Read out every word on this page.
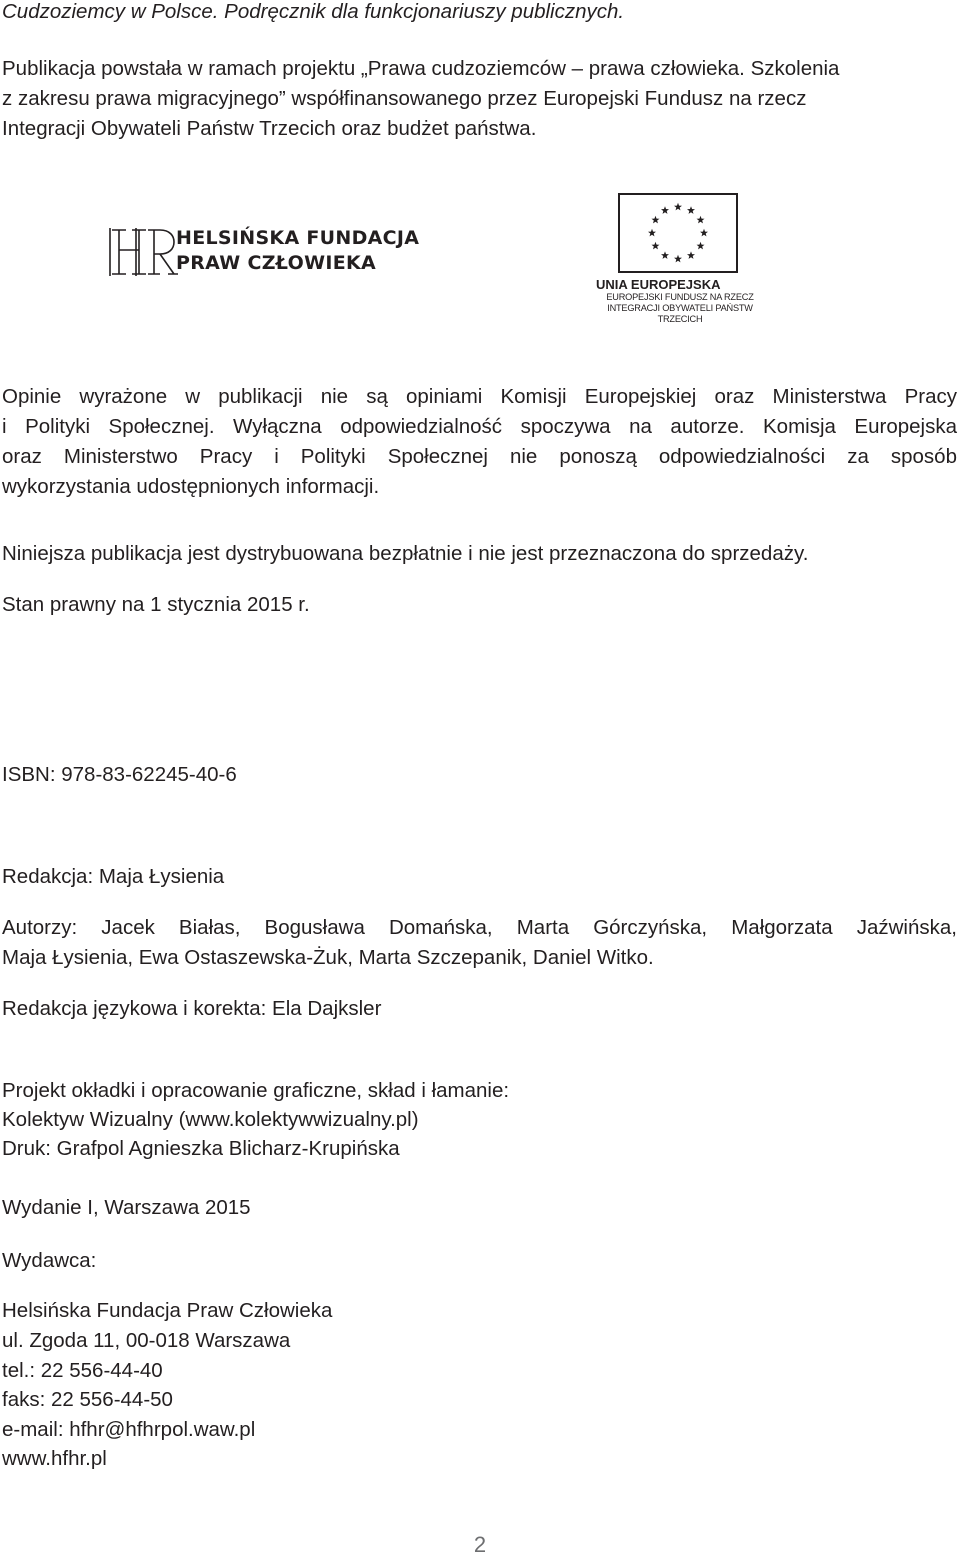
Cudzoziemcy w Polsce. Podręcznik dla funkcjonariuszy publicznych.

Publikacja powstała w ramach projektu „Prawa cudzoziemców – prawa człowieka. Szkolenia

z zakresu prawa migracyjnego” współfinansowanego przez Europejski Fundusz na rzecz

Integracji Obywateli Państw Trzecich oraz budżet państwa.

HELSIŃSKA FUNDACJA
PRAW CZŁOWIEKA
UNIA EUROPEJSKA
EUROPEJSKI FUNDUSZ NA RZECZ
INTEGRACJI OBYWATELI PAŃSTW TRZECICH
Opinie wyrażone w publikacji nie są opiniami Komisji Europejskiej oraz Ministerstwa Pracy
i Polityki Społecznej. Wyłączna odpowiedzialność spoczywa na autorze. Komisja Europejska
oraz Ministerstwo Pracy i Polityki Społecznej nie ponoszą odpowiedzialności za sposób
wykorzystania udostępnionych informacji.

Niniejsza publikacja jest dystrybuowana bezpłatnie i nie jest przeznaczona do sprzedaży.

Stan prawny na 1 stycznia 2015 r.

ISBN: 978-83-62245-40-6

Redakcja: Maja Łysienia

Autorzy: Jacek Białas, Bogusława Domańska, Marta Górczyńska, Małgorzata Jaźwińska,
Maja Łysienia, Ewa Ostaszewska-Żuk, Marta Szczepanik, Daniel Witko.

Redakcja językowa i korekta: Ela Dajksler

Projekt okładki i opracowanie graficzne, skład i łamanie:

Kolektyw Wizualny (www.kolektywwizualny.pl)

Druk: Grafpol Agnieszka Blicharz-Krupińska

Wydanie I, Warszawa 2015

Wydawca:

Helsińska Fundacja Praw Człowieka

ul. Zgoda 11, 00-018 Warszawa

tel.: 22 556-44-40

faks: 22 556-44-50

e-mail: hfhr@hfhrpol.waw.pl

www.hfhr.pl

2
